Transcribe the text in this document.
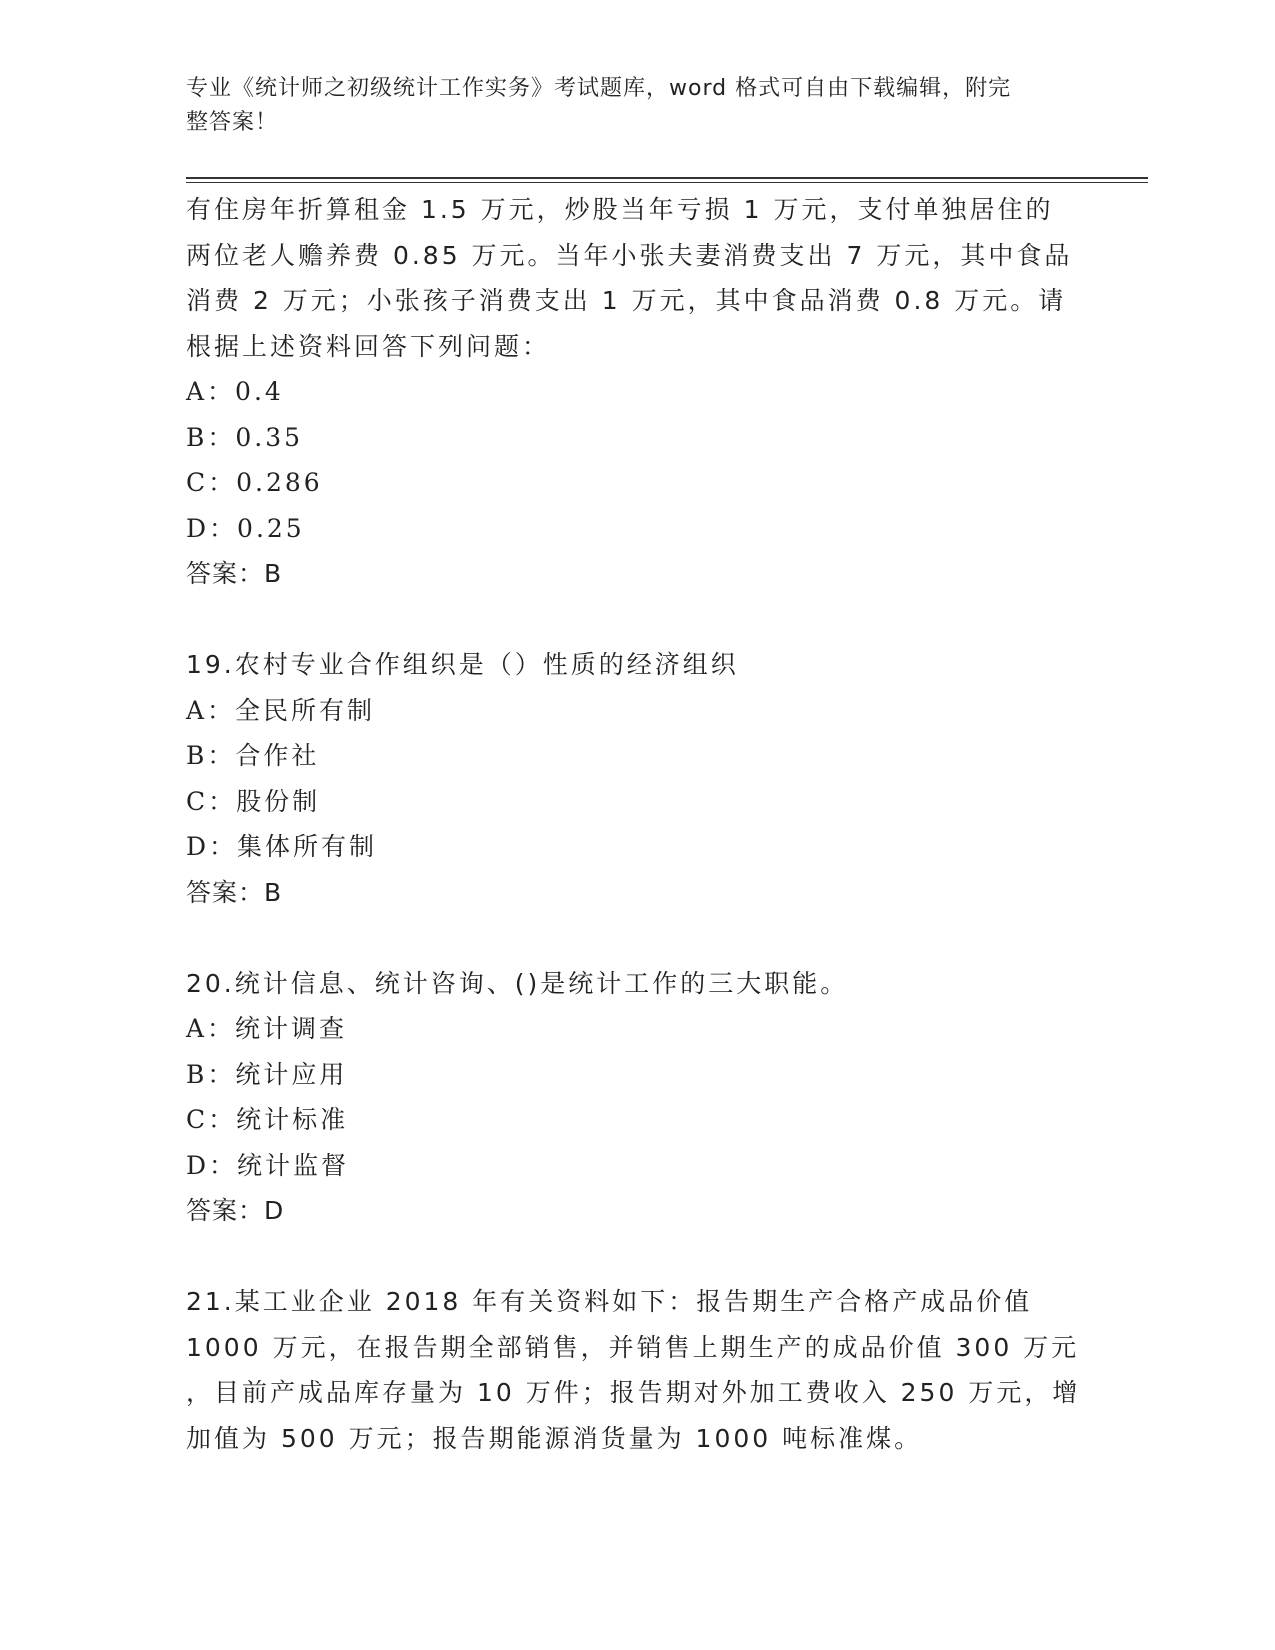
专业《统计师之初级统计工作实务》考试题库，word 格式可自由下载编辑，附完
整答案！
有住房年折算租金 1.5 万元，炒股当年亏损 1 万元，支付单独居住的
两位老人赡养费 0.85 万元。当年小张夫妻消费支出 7 万元，其中食品
消费 2 万元；小张孩子消费支出 1 万元，其中食品消费 0.8 万元。请
根据上述资料回答下列问题：
A：0.4
B：0.35
C：0.286
D：0.25
答案：B
19.农村专业合作组织是（）性质的经济组织
A：全民所有制
B：合作社
C：股份制
D：集体所有制
答案：B
20.统计信息、统计咨询、()是统计工作的三大职能。
A：统计调查
B：统计应用
C：统计标准
D：统计监督
答案：D
21.某工业企业 2018 年有关资料如下：报告期生产合格产成品价值
1000 万元，在报告期全部销售，并销售上期生产的成品价值 300 万元
，目前产成品库存量为 10 万件；报告期对外加工费收入 250 万元，增
加值为 500 万元；报告期能源消货量为 1000 吨标准煤。
